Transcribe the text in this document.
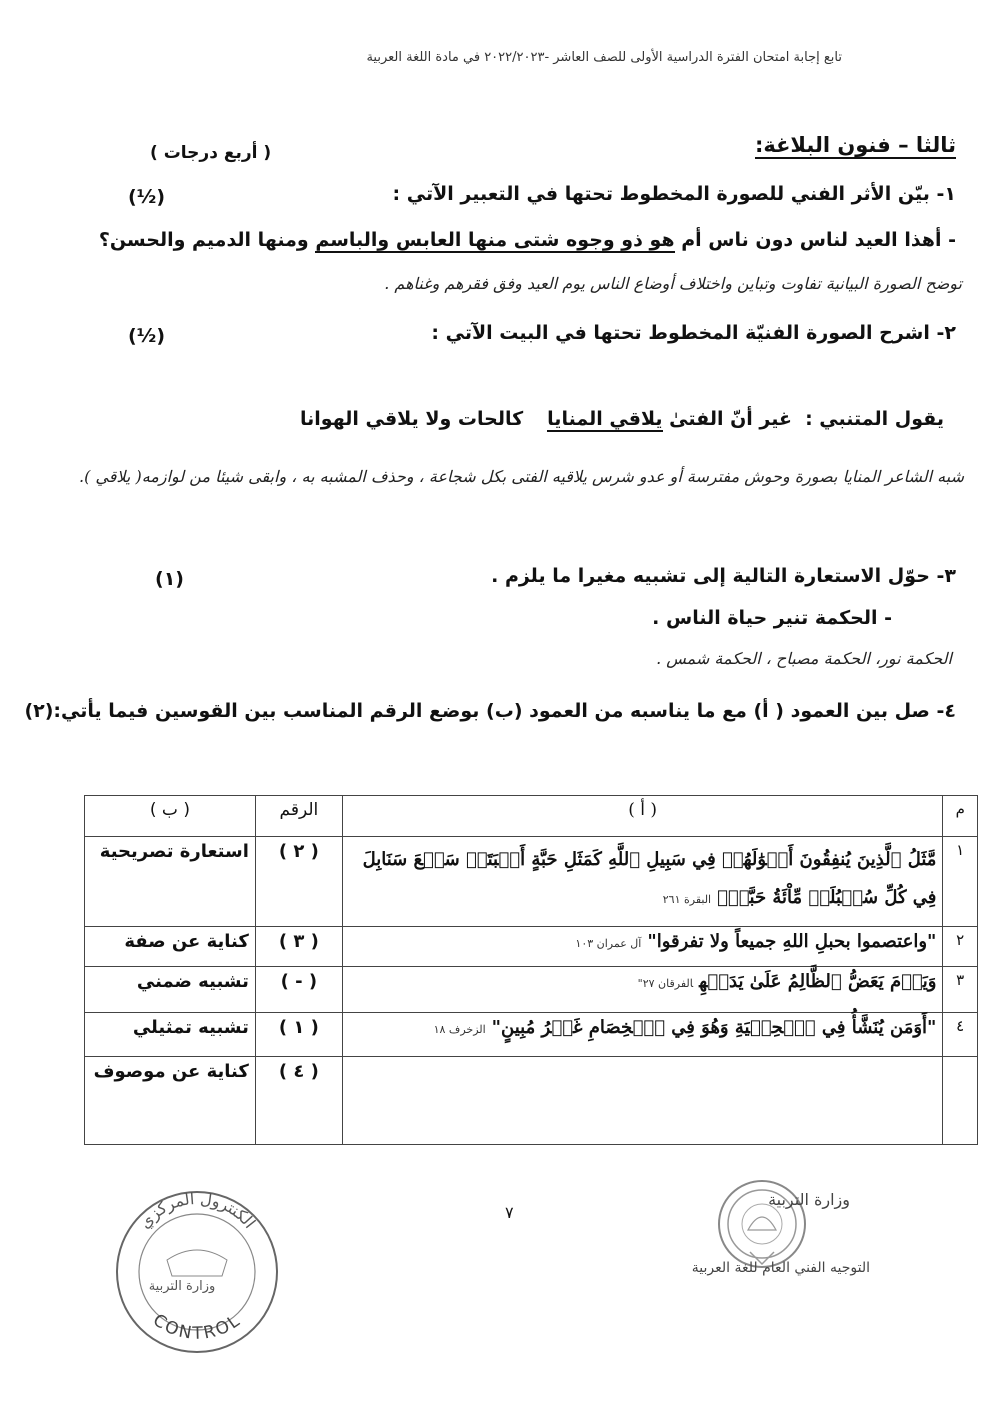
تابع إجابة امتحان الفترة الدراسية الأولى للصف العاشر -٢٠٢٢/٢٠٢٣ في مادة اللغة العربية
ثالثا – فنون البلاغة:
( أربع درجات )
١- بيّن الأثر الفني للصورة المخطوط تحتها في التعبير الآتي :
(½)
- أهذا العيد لناس دون ناس أم هو ذو وجوه شتى منها العابس والباسم ومنها الدميم والحسن؟
توضح الصورة البيانية تفاوت وتباين واختلاف أوضاع الناس يوم العيد وفق فقرهم وغناهم .
٢- اشرح الصورة الفنيّة المخطوط تحتها في البيت الآتي :
(½)
يقول المتنبي :
غير أنّ الفتىٰ يلاقي المنايا
كالحات ولا يلاقي الهوانا
شبه الشاعر المنايا بصورة وحوش مفترسة أو عدو شرس يلاقيه الفتى بكل شجاعة ، وحذف المشبه به ، وابقى شيئا من لوازمه( يلاقي ).
٣- حوّل الاستعارة التالية إلى تشبيه مغيرا ما يلزم .
(١)
- الحكمة تنير حياة الناس .
الحكمة نور، الحكمة مصباح ، الحكمة شمس .
٤- صل بين العمود ( أ) مع ما يناسبه من العمود (ب) بوضع الرقم المناسب بين القوسين فيما يأتي:(٢)
م	( أ )	الرقم	( ب )
١	مَّثَلُ ٱلَّذِينَ يُنفِقُونَ أَمۡوَٰلَهُمۡ فِي سَبِيلِ ٱللَّهِ كَمَثَلِ حَبَّةٍ أَنۢبَتَتۡ سَبۡعَ سَنَابِلَ فِي كُلِّ سُنۢبُلَةٖ مِّاْئَةُ حَبَّةٖۗالبقرة ٢٦١	( ٢ )	استعارة تصريحية
٢	"واعتصموا بحبلِ اللهِ جميعاً ولا تفرقوا"آل عمران ١٠٣	( ٣ )	كناية عن صفة
٣	وَيَوۡمَ يَعَضُّ ٱلظَّالِمُ عَلَىٰ يَدَيۡهِالفرقان ٢٧"	( - )	تشبيه ضمني
٤	"أَوَمَن يُنَشَّأُ فِي ٱلۡحِلۡيَةِ وَهُوَ فِي ٱلۡخِصَامِ غَيۡرُ مُبِينٍ"الزخرف ١٨	( ١ )	تشبيه تمثيلي
		( ٤ )	كناية عن موصوف
٧
وزارة التربية
التوجيه الفني العام للغة العربية
الكنترول المركزي
وزارة التربية
CONTROL
